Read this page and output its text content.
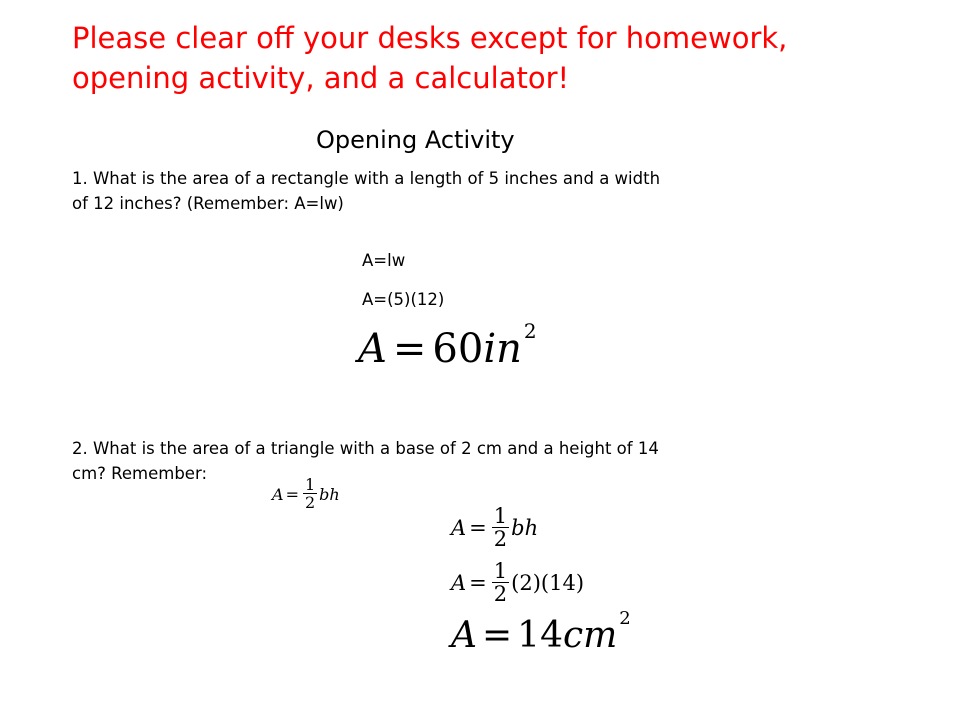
Please clear off your desks except for homework,
opening activity, and a calculator!
Opening Activity
1. What is the area of a rectangle with a length of 5 inches and a width
of 12 inches? (Remember: A=lw)
A=lw
A=(5)(12)
A = 60 in 2
2. What is the area of a triangle with a base of 2 cm and a height of 14
cm? Remember:
$A = \frac{1}{2}$ bh
$A = \frac{1}{2}$ bh
$A = \frac{1}{2} (2)(14)$
A = 14 cm 2
